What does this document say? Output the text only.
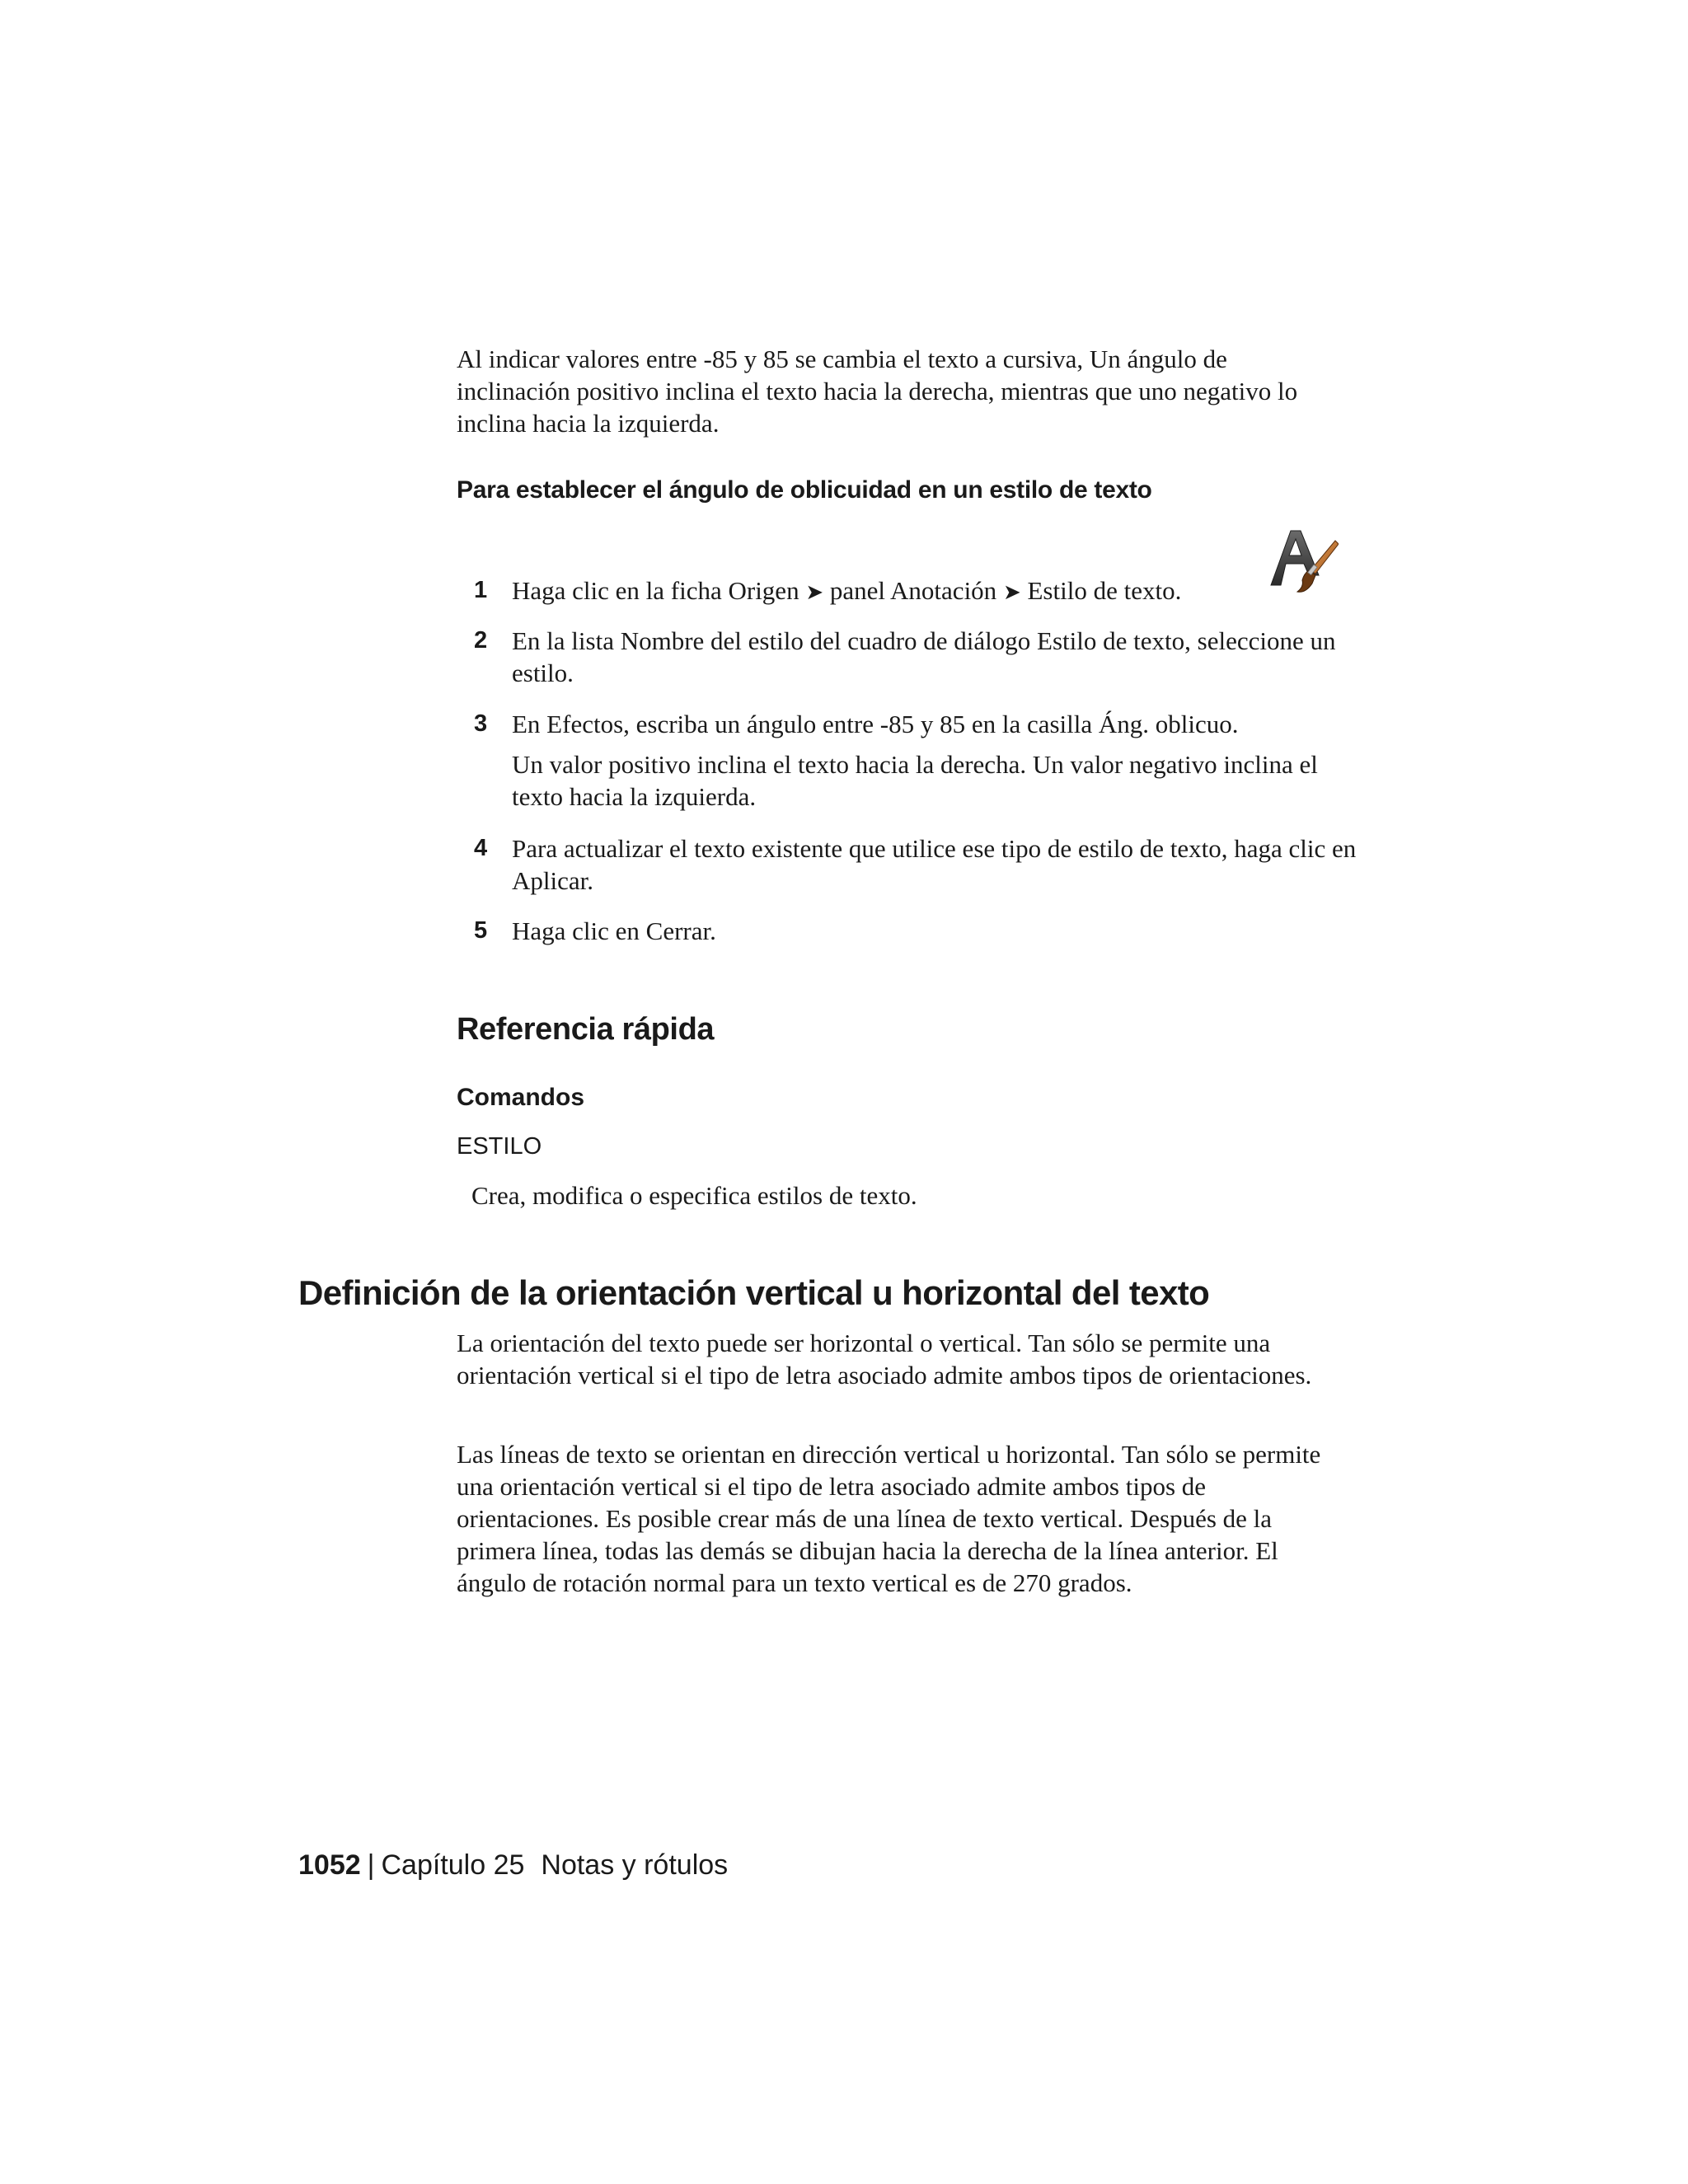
Al indicar valores entre -85 y 85 se cambia el texto a cursiva, Un ángulo de inclinación positivo inclina el texto hacia la derecha, mientras que uno negativo lo inclina hacia la izquierda.

Para establecer el ángulo de oblicuidad en un estilo de texto
1 Haga clic en la ficha Origen ➤ panel Anotación ➤ Estilo de texto.
2 En la lista Nombre del estilo del cuadro de diálogo Estilo de texto, seleccione un estilo.
3 En Efectos, escriba un ángulo entre -85 y 85 en la casilla Áng. oblicuo.
Un valor positivo inclina el texto hacia la derecha. Un valor negativo inclina el texto hacia la izquierda.
4 Para actualizar el texto existente que utilice ese tipo de estilo de texto, haga clic en Aplicar.
5 Haga clic en Cerrar.
Referencia rápida
Comandos
ESTILO
Crea, modifica o especifica estilos de texto.
Definición de la orientación vertical u horizontal del texto

La orientación del texto puede ser horizontal o vertical. Tan sólo se permite una orientación vertical si el tipo de letra asociado admite ambos tipos de orientaciones.

Las líneas de texto se orientan en dirección vertical u horizontal. Tan sólo se permite una orientación vertical si el tipo de letra asociado admite ambos tipos de orientaciones. Es posible crear más de una línea de texto vertical. Después de la primera línea, todas las demás se dibujan hacia la derecha de la línea anterior. El ángulo de rotación normal para un texto vertical es de 270 grados.

1052 | Capítulo 25 Notas y rótulos
